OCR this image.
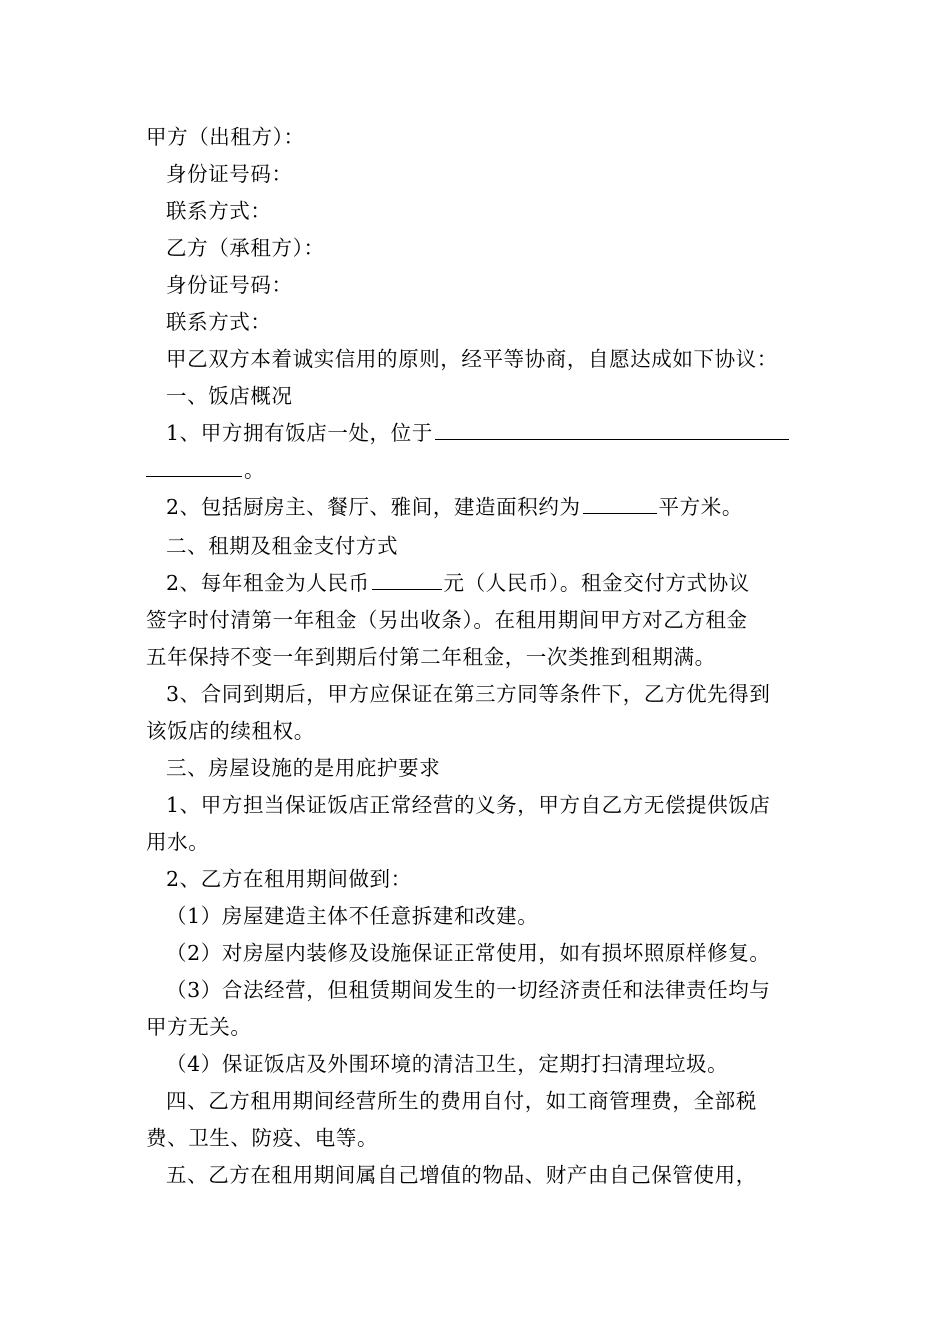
甲方（出租方）：
身份证号码：
联系方式：
乙方（承租方）：
身份证号码：
联系方式：
甲乙双方本着诚实信用的原则，经平等协商，自愿达成如下协议：
一、饭店概况
1、甲方拥有饭店一处，位于
。
2、包括厨房主、餐厅、雅间，建造面积约为	平方米。
二、租期及租金支付方式
2、每年租金为人民币	元（人民币）。租金交付方式协议
签字时付清第一年租金（另出收条）。在租用期间甲方对乙方租金
五年保持不变一年到期后付第二年租金，一次类推到租期满。
3、合同到期后，甲方应保证在第三方同等条件下，乙方优先得到
该饭店的续租权。
三、房屋设施的是用庇护要求
1、甲方担当保证饭店正常经营的义务，甲方自乙方无偿提供饭店
用水。
2、乙方在租用期间做到：
（1）房屋建造主体不任意拆建和改建。
（2）对房屋内装修及设施保证正常使用，如有损坏照原样修复。
（3）合法经营，但租赁期间发生的一切经济责任和法律责任均与
甲方无关。
（4）保证饭店及外围环境的清洁卫生，定期打扫清理垃圾。
四、乙方租用期间经营所生的费用自付，如工商管理费，全部税
费、卫生、防疫、电等。
五、乙方在租用期间属自己增值的物品、财产由自己保管使用，
